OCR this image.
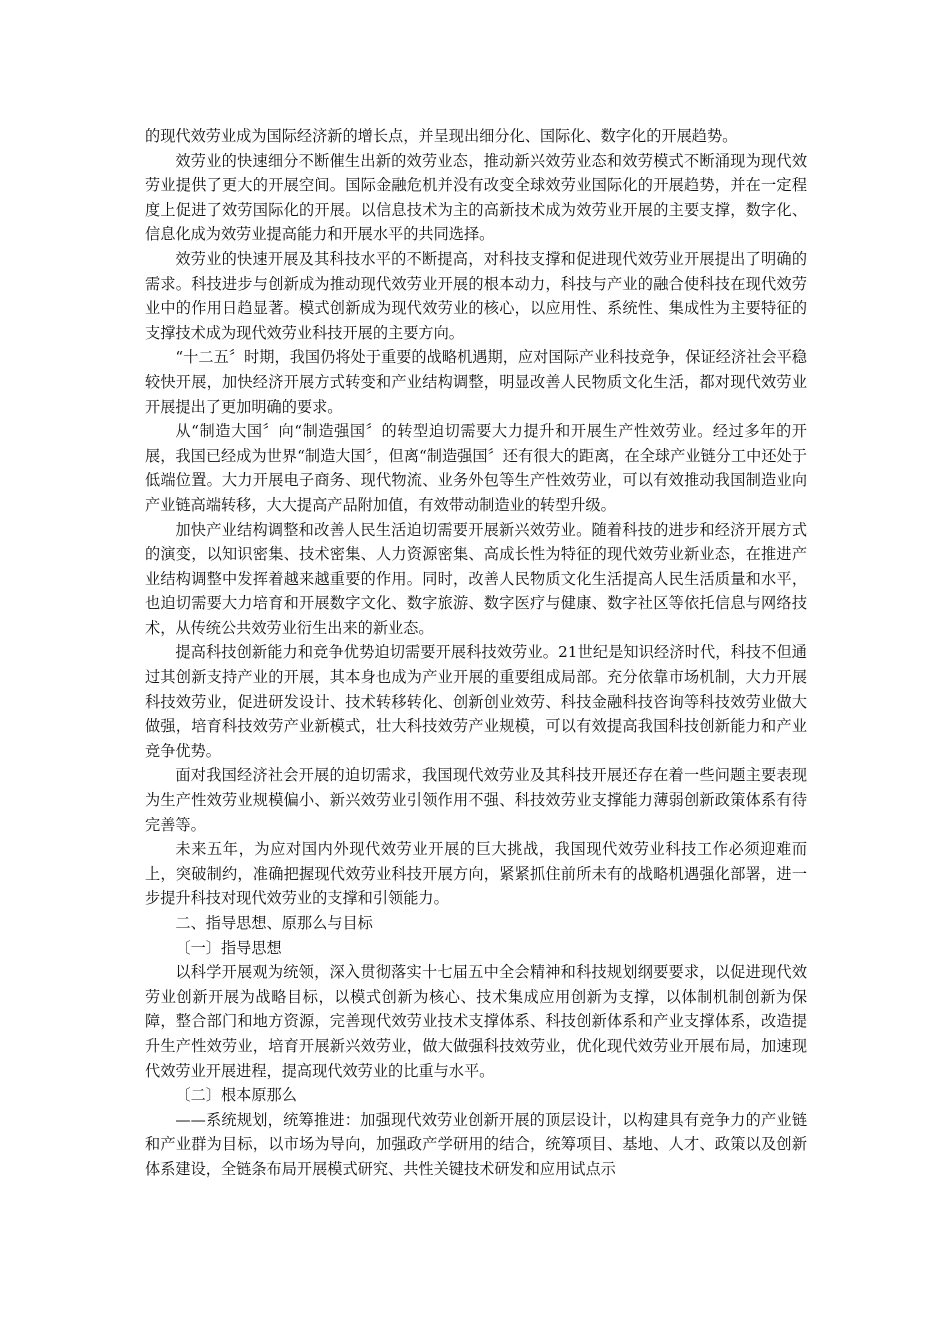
的现代效劳业成为国际经济新的增长点，并呈现出细分化、国际化、数字化的开展趋势。

效劳业的快速细分不断催生出新的效劳业态，推动新兴效劳业态和效劳模式不断涌现为现代效劳业提供了更大的开展空间。国际金融危机并没有改变全球效劳业国际化的开展趋势，并在一定程度上促进了效劳国际化的开展。以信息技术为主的高新技术成为效劳业开展的主要支撑，数字化、信息化成为效劳业提高能力和开展水平的共同选择。

效劳业的快速开展及其科技水平的不断提高，对科技支撑和促进现代效劳业开展提出了明确的需求。科技进步与创新成为推动现代效劳业开展的根本动力，科技与产业的融合使科技在现代效劳业中的作用日趋显著。模式创新成为现代效劳业的核心，以应用性、系统性、集成性为主要特征的支撑技术成为现代效劳业科技开展的主要方向。

“十二五〞时期，我国仍将处于重要的战略机遇期，应对国际产业科技竞争，保证经济社会平稳较快开展，加快经济开展方式转变和产业结构调整，明显改善人民物质文化生活，都对现代效劳业开展提出了更加明确的要求。

从“制造大国〞向“制造强国〞的转型迫切需要大力提升和开展生产性效劳业。经过多年的开展，我国已经成为世界“制造大国〞，但离“制造强国〞还有很大的距离，在全球产业链分工中还处于低端位置。大力开展电子商务、现代物流、业务外包等生产性效劳业，可以有效推动我国制造业向产业链高端转移，大大提高产品附加值，有效带动制造业的转型升级。

加快产业结构调整和改善人民生活迫切需要开展新兴效劳业。随着科技的进步和经济开展方式的演变，以知识密集、技术密集、人力资源密集、高成长性为特征的现代效劳业新业态，在推进产业结构调整中发挥着越来越重要的作用。同时，改善人民物质文化生活提高人民生活质量和水平，也迫切需要大力培育和开展数字文化、数字旅游、数字医疗与健康、数字社区等依托信息与网络技术，从传统公共效劳业衍生出来的新业态。

提高科技创新能力和竞争优势迫切需要开展科技效劳业。21世纪是知识经济时代，科技不但通过其创新支持产业的开展，其本身也成为产业开展的重要组成局部。充分依靠市场机制，大力开展科技效劳业，促进研发设计、技术转移转化、创新创业效劳、科技金融科技咨询等科技效劳业做大做强，培育科技效劳产业新模式，壮大科技效劳产业规模，可以有效提高我国科技创新能力和产业竞争优势。

面对我国经济社会开展的迫切需求，我国现代效劳业及其科技开展还存在着一些问题主要表现为生产性效劳业规模偏小、新兴效劳业引领作用不强、科技效劳业支撑能力薄弱创新政策体系有待完善等。

未来五年，为应对国内外现代效劳业开展的巨大挑战，我国现代效劳业科技工作必须迎难而上，突破制约，准确把握现代效劳业科技开展方向，紧紧抓住前所未有的战略机遇强化部署，进一步提升科技对现代效劳业的支撑和引领能力。

二、指导思想、原那么与目标

〔一〕指导思想

以科学开展观为统领，深入贯彻落实十七届五中全会精神和科技规划纲要要求，以促进现代效劳业创新开展为战略目标，以模式创新为核心、技术集成应用创新为支撑，以体制机制创新为保障，整合部门和地方资源，完善现代效劳业技术支撑体系、科技创新体系和产业支撑体系，改造提升生产性效劳业，培育开展新兴效劳业，做大做强科技效劳业，优化现代效劳业开展布局，加速现代效劳业开展进程，提高现代效劳业的比重与水平。

〔二〕根本原那么

——系统规划，统筹推进：加强现代效劳业创新开展的顶层设计，以构建具有竞争力的产业链和产业群为目标，以市场为导向，加强政产学研用的结合，统筹项目、基地、人才、政策以及创新体系建设，全链条布局开展模式研究、共性关键技术研发和应用试点示
